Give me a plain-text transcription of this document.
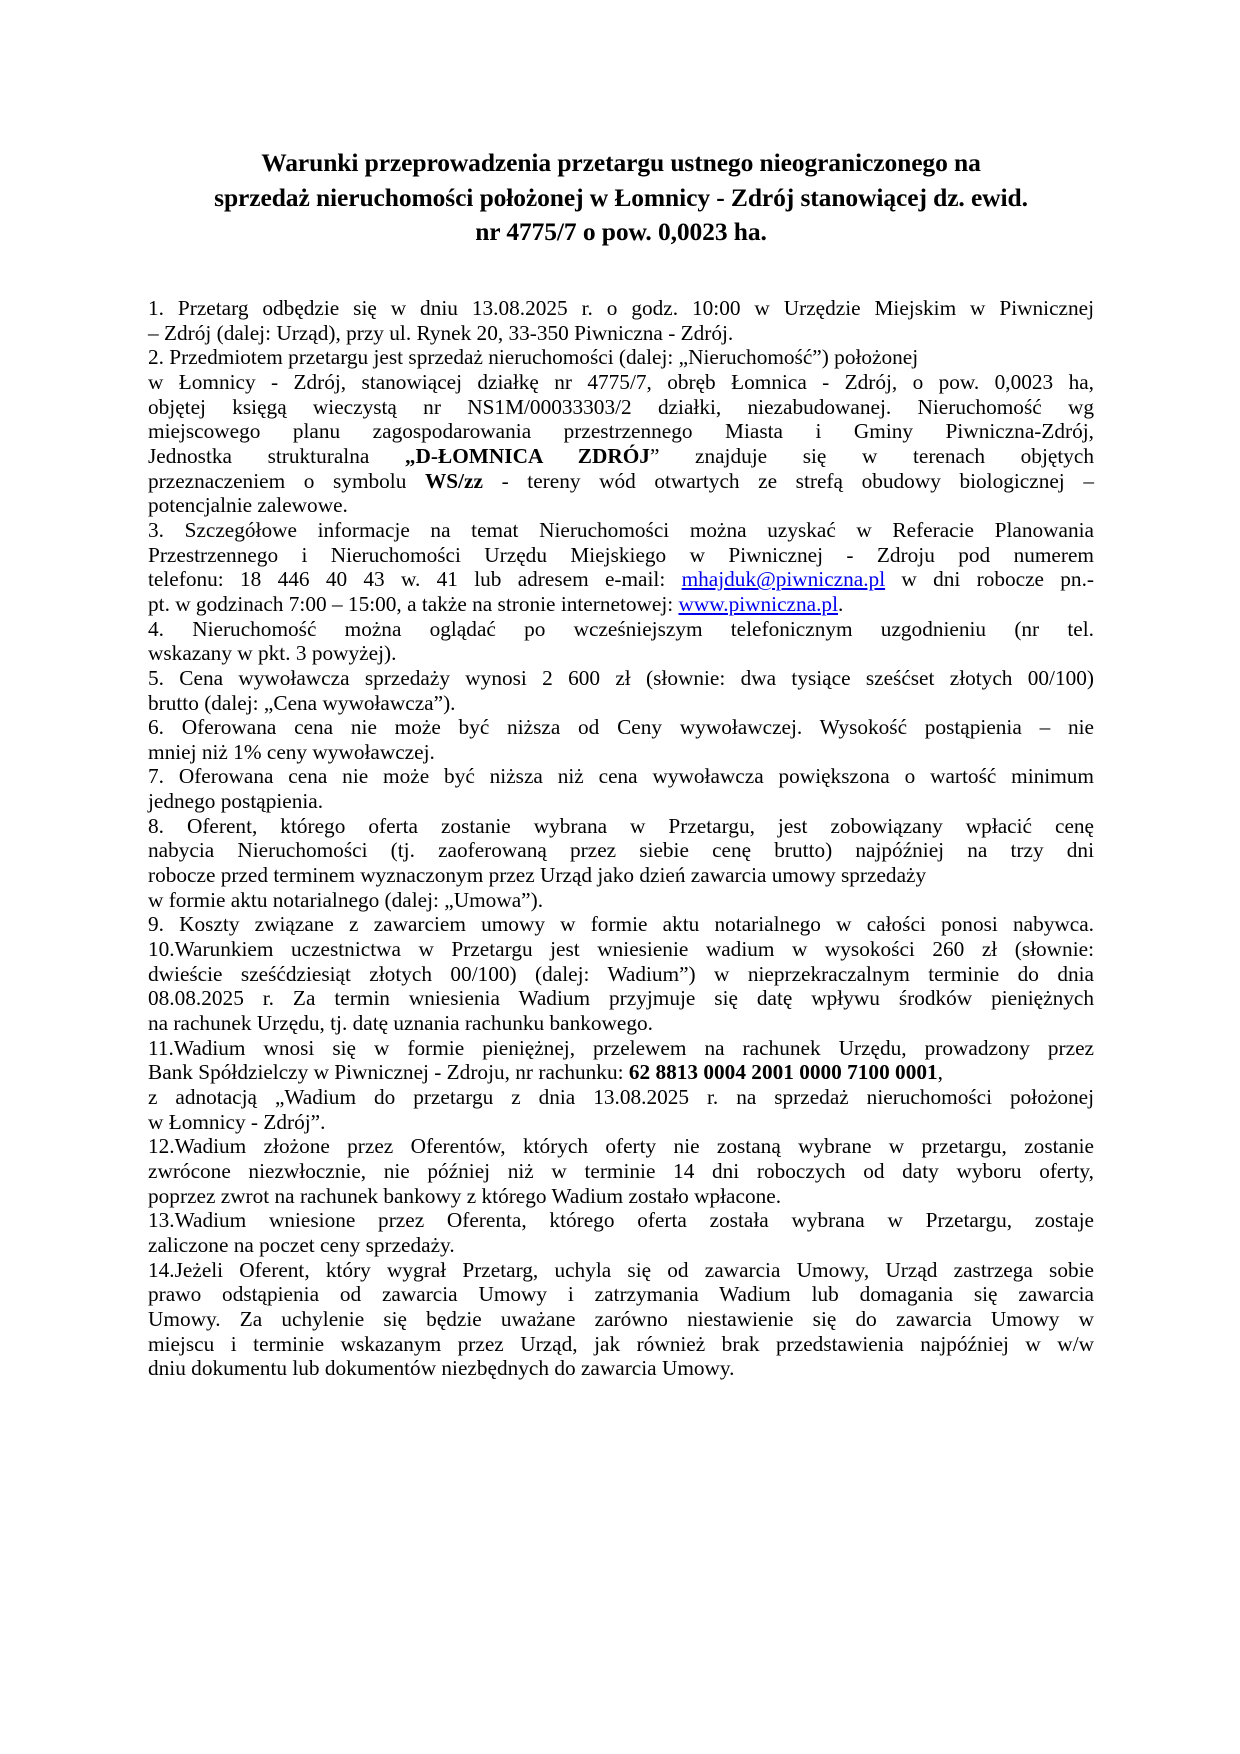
Warunki przeprowadzenia przetargu ustnego nieograniczonego na
sprzedaż nieruchomości położonej w Łomnicy - Zdrój stanowiącej dz. ewid.
nr 4775/7 o pow. 0,0023 ha.
1. Przetarg odbędzie się w dniu 13.08.2025 r. o godz. 10:00 w Urzędzie Miejskim w Piwnicznej
– Zdrój (dalej: Urząd), przy ul. Rynek 20, 33-350 Piwniczna - Zdrój.
2. Przedmiotem przetargu jest sprzedaż nieruchomości (dalej: „Nieruchomość”) położonej
w Łomnicy - Zdrój, stanowiącej działkę nr 4775/7, obręb Łomnica - Zdrój, o pow. 0,0023 ha,
objętej księgą wieczystą nr NS1M/00033303/2 działki, niezabudowanej. Nieruchomość wg
miejscowego planu zagospodarowania przestrzennego Miasta i Gminy Piwniczna-Zdrój,
Jednostka strukturalna „D-ŁOMNICA ZDRÓJ” znajduje się w terenach objętych
przeznaczeniem o symbolu WS/zz - tereny wód otwartych ze strefą obudowy biologicznej –
potencjalnie zalewowe.
3. Szczegółowe informacje na temat Nieruchomości można uzyskać w Referacie Planowania
Przestrzennego i Nieruchomości Urzędu Miejskiego w Piwnicznej - Zdroju pod numerem
telefonu: 18 446 40 43 w. 41 lub adresem e-mail: mhajduk@piwniczna.pl w dni robocze pn.-
pt. w godzinach 7:00 – 15:00, a także na stronie internetowej: www.piwniczna.pl.
4. Nieruchomość można oglądać po wcześniejszym telefonicznym uzgodnieniu (nr tel.
wskazany w pkt. 3 powyżej).
5. Cena wywoławcza sprzedaży wynosi 2 600 zł (słownie: dwa tysiące sześćset złotych 00/100)
brutto (dalej: „Cena wywoławcza”).
6. Oferowana cena nie może być niższa od Ceny wywoławczej. Wysokość postąpienia – nie
mniej niż 1% ceny wywoławczej.
7. Oferowana cena nie może być niższa niż cena wywoławcza powiększona o wartość minimum
jednego postąpienia.
8. Oferent, którego oferta zostanie wybrana w Przetargu, jest zobowiązany wpłacić cenę
nabycia Nieruchomości (tj. zaoferowaną przez siebie cenę brutto) najpóźniej na trzy dni
robocze przed terminem wyznaczonym przez Urząd jako dzień zawarcia umowy sprzedaży
w formie aktu notarialnego (dalej: „Umowa”).
9. Koszty związane z zawarciem umowy w formie aktu notarialnego w całości ponosi nabywca.
10.Warunkiem uczestnictwa w Przetargu jest wniesienie wadium w wysokości 260 zł (słownie:
dwieście sześćdziesiąt złotych 00/100) (dalej: Wadium”) w nieprzekraczalnym terminie do dnia
08.08.2025 r. Za termin wniesienia Wadium przyjmuje się datę wpływu środków pieniężnych
na rachunek Urzędu, tj. datę uznania rachunku bankowego.
11.Wadium wnosi się w formie pieniężnej, przelewem na rachunek Urzędu, prowadzony przez
Bank Spółdzielczy w Piwnicznej - Zdroju, nr rachunku: 62 8813 0004 2001 0000 7100 0001,
z adnotacją „Wadium do przetargu z dnia 13.08.2025 r. na sprzedaż nieruchomości położonej
w Łomnicy - Zdrój”.
12.Wadium złożone przez Oferentów, których oferty nie zostaną wybrane w przetargu, zostanie
zwrócone niezwłocznie, nie później niż w terminie 14 dni roboczych od daty wyboru oferty,
poprzez zwrot na rachunek bankowy z którego Wadium zostało wpłacone.
13.Wadium wniesione przez Oferenta, którego oferta została wybrana w Przetargu, zostaje
zaliczone na poczet ceny sprzedaży.
14.Jeżeli Oferent, który wygrał Przetarg, uchyla się od zawarcia Umowy, Urząd zastrzega sobie
prawo odstąpienia od zawarcia Umowy i zatrzymania Wadium lub domagania się zawarcia
Umowy. Za uchylenie się będzie uważane zarówno niestawienie się do zawarcia Umowy w
miejscu i terminie wskazanym przez Urząd, jak również brak przedstawienia najpóźniej w w/w
dniu dokumentu lub dokumentów niezbędnych do zawarcia Umowy.
